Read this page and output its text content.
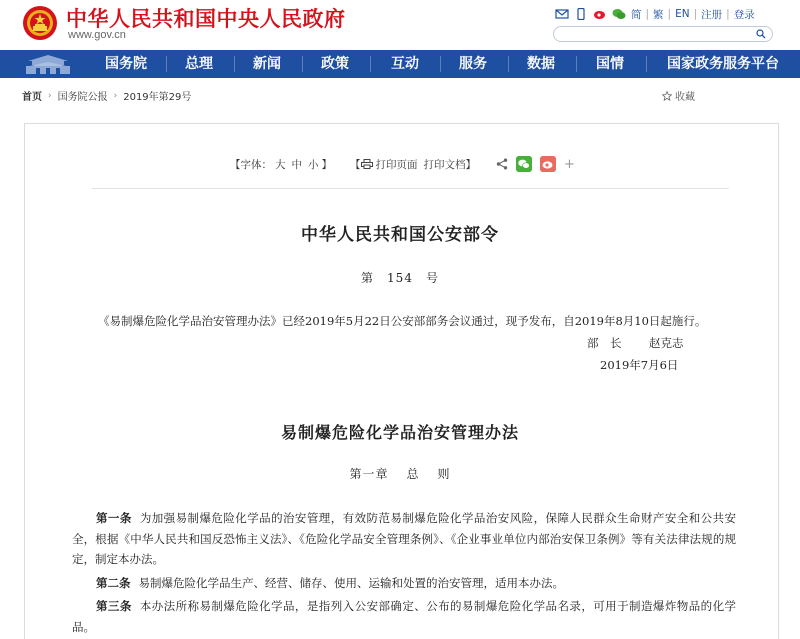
中华人民共和国中央人民政府
www.gov.cn
简 | 繁 | EN | 注册 | 登录
国务院	总理	新闻	政策	互动	服务	数据	国情	国家政务服务平台
首页 › 国务院公报 › 2019年第29号	收藏
【字体： 大 中 小 】 【 打印页面 打印文档 】	+
中华人民共和国公安部令
第　154　号
《易制爆危险化学品治安管理办法》已经2019年5月22日公安部部务会议通过，现予发布，自2019年8月10日起施行。
部　长 赵克志
2019年7月6日
易制爆危险化学品治安管理办法
第一章 总 则
第一条 为加强易制爆危险化学品的治安管理，有效防范易制爆危险化学品治安风险，保障人民群众生命财产安全和公共安全，根据《中华人民共和国反恐怖主义法》、《危险化学品安全管理条例》、《企业事业单位内部治安保卫条例》等有关法律法规的规定，制定本办法。
第二条 易制爆危险化学品生产、经营、储存、使用、运输和处置的治安管理，适用本办法。
第三条 本办法所称易制爆危险化学品，是指列入公安部确定、公布的易制爆危险化学品名录，可用于制造爆炸物品的化学品。
